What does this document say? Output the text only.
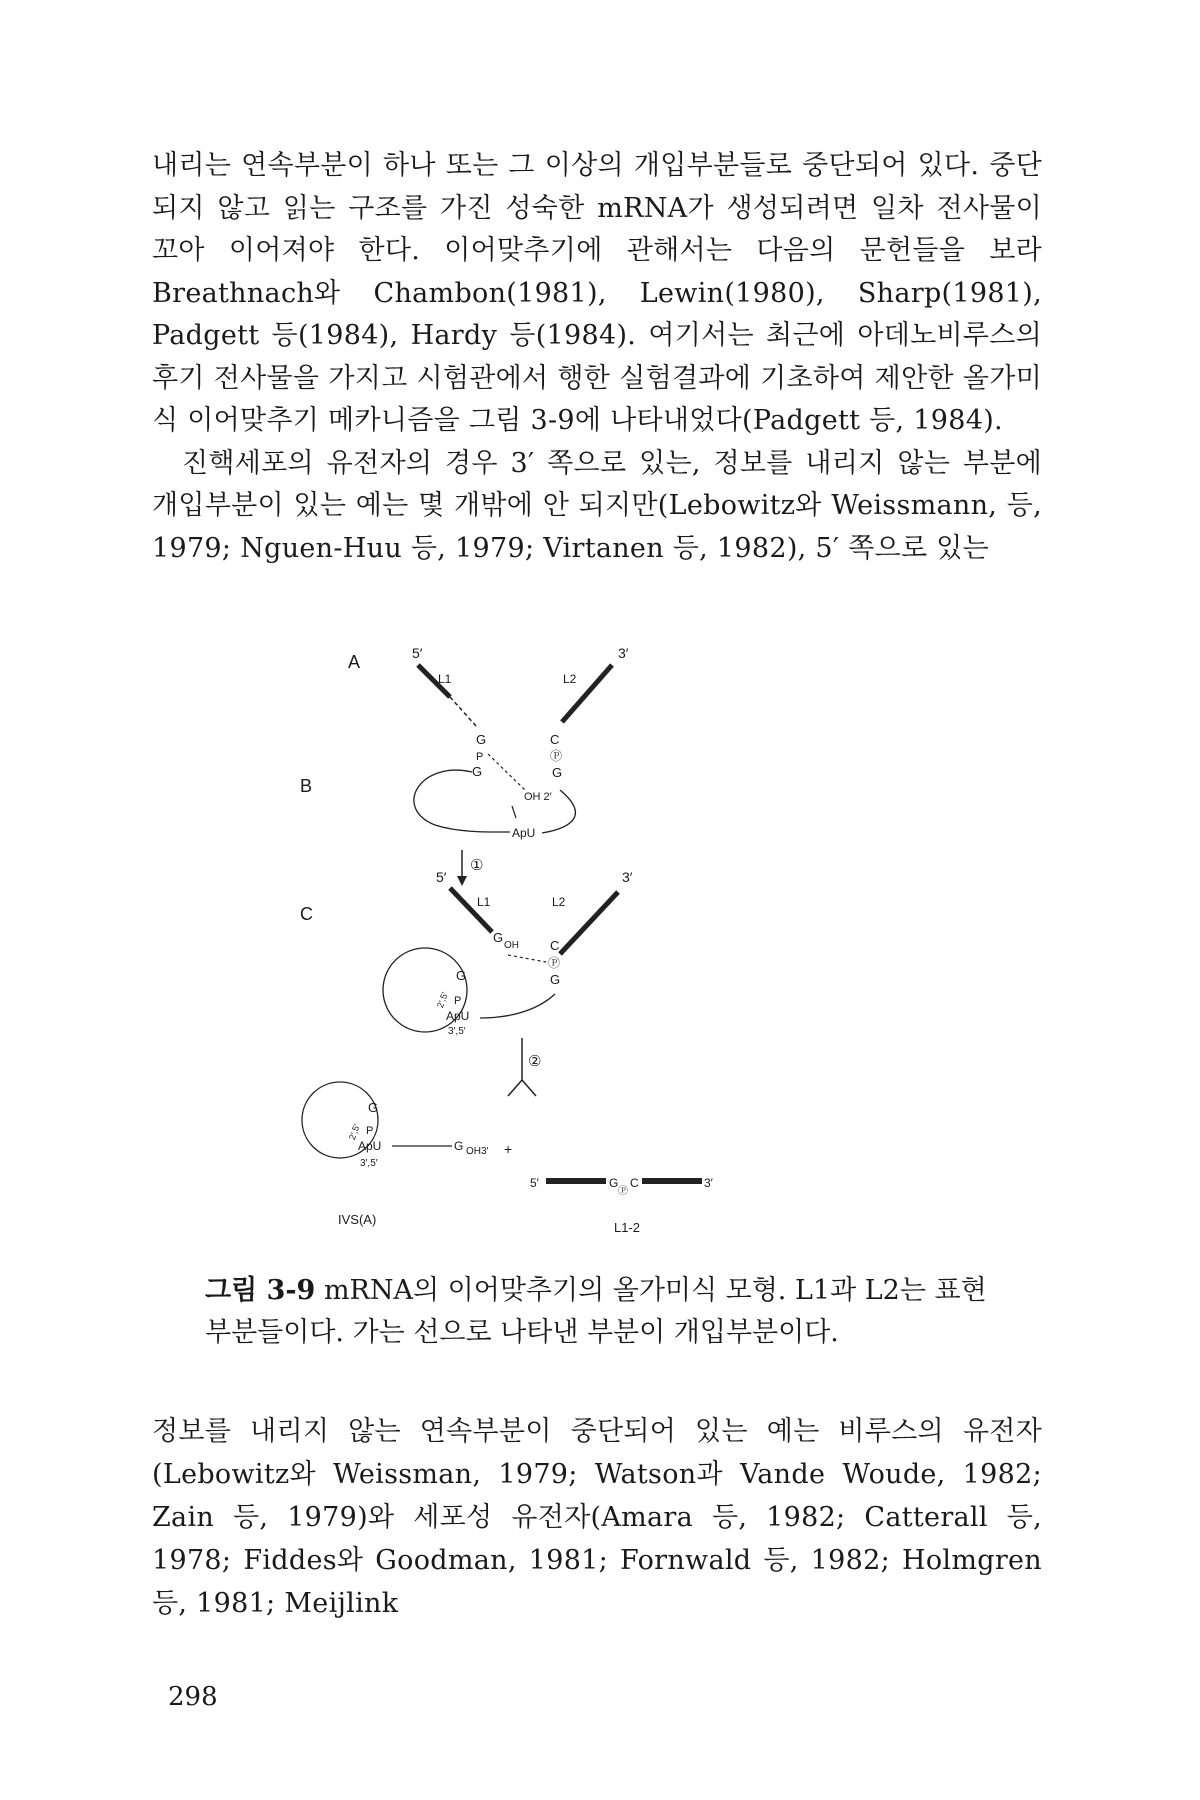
내리는 연속부분이 하나 또는 그 이상의 개입부분들로 중단되어 있다. 중단되지 않고 읽는 구조를 가진 성숙한 mRNA가 생성되려면 일차 전사물이 꼬아 이어져야 한다. 이어맞추기에 관해서는 다음의 문헌들을 보라 Breathnach와 Chambon(1981), Lewin(1980), Sharp(1981), Padgett 등(1984), Hardy 등(1984). 여기서는 최근에 아데노비루스의 후기 전사물을 가지고 시험관에서 행한 실험결과에 기초하여 제안한 올가미식 이어맞추기 메카니즘을 그림 3-9에 나타내었다(Padgett 등, 1984).
진핵세포의 유전자의 경우 3′ 쪽으로 있는, 정보를 내리지 않는 부분에 개입부분이 있는 예는 몇 개밖에 안 되지만(Lebowitz와 Weissmann, 등, 1979; Nguen-Huu 등, 1979; Virtanen 등, 1982), 5′ 쪽으로 있는
A	5′	3′
L1	L2
G
P
G
C
Ⓟ
G
OH 2′
ApU
①
B
5′	3′
L1	L2
G
OH C
Ⓟ
G
G
2′,5′ P
ApU
3′,5′
②
C
G
2′,5′ P
ApU
3′,5′
G OH3′ +
5′	G
Ⓟ
C	3′
IVS(A)
L1-2
그림 3-9 mRNA의 이어맞추기의 올가미식 모형. L1과 L2는 표현부분들이다. 가는 선으로 나타낸 부분이 개입부분이다.
정보를 내리지 않는 연속부분이 중단되어 있는 예는 비루스의 유전자(Lebowitz와 Weissman, 1979; Watson과 Vande Woude, 1982; Zain 등, 1979)와 세포성 유전자(Amara 등, 1982; Catterall 등, 1978; Fiddes와 Goodman, 1981; Fornwald 등, 1982; Holmgren 등, 1981; Meijlink
298
